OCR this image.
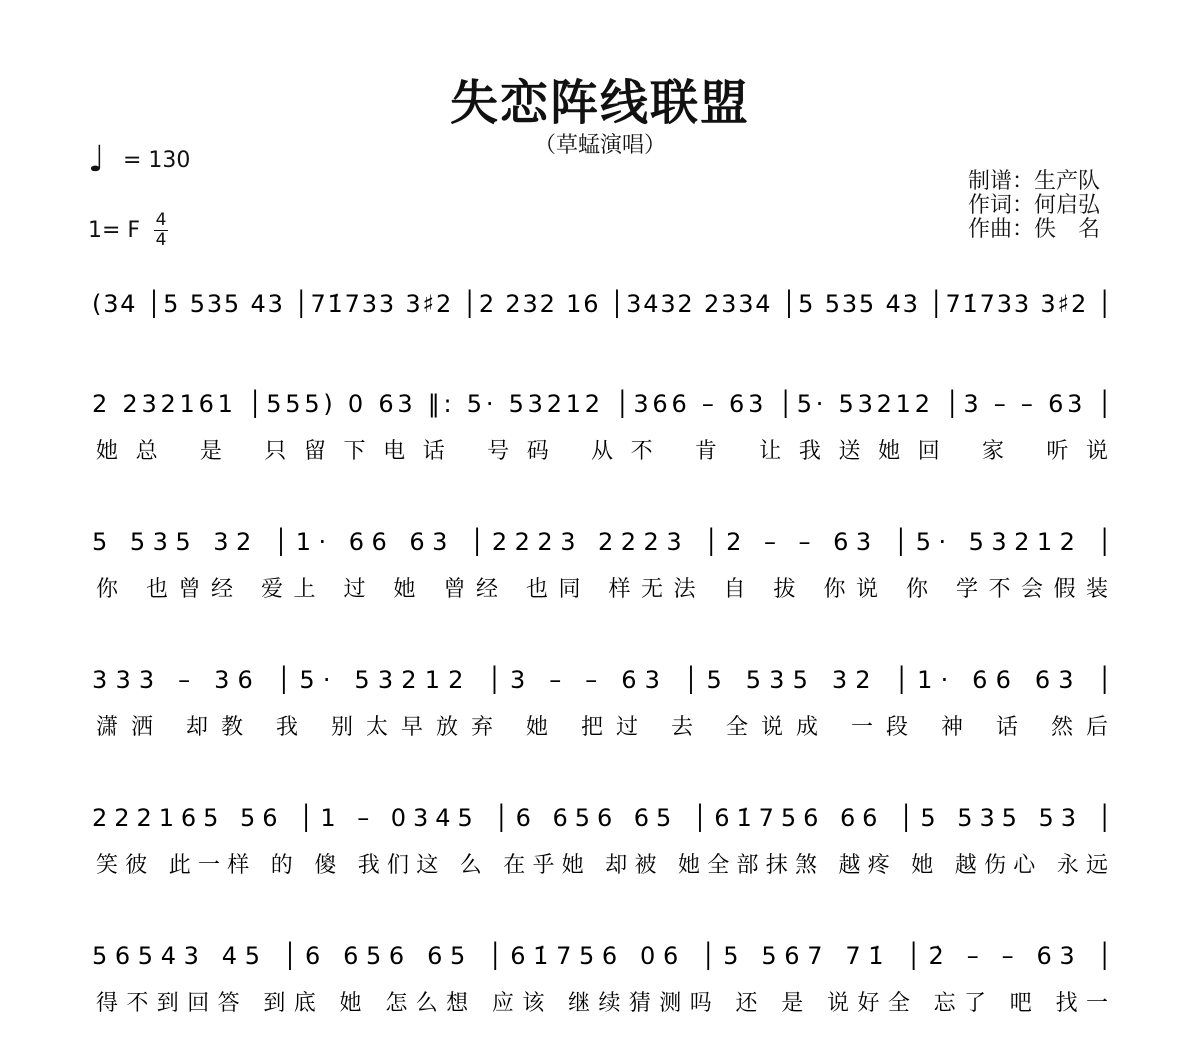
失恋阵线联盟
（草蜢演唱）
♩ = 130
1= F 4
4
制谱：生产队
作词：何启弘
作曲：佚　名
(34 │5 535 43 │71̇733 3♯2 │2 232 16 │3432 2334 │5 535 43 │71̇733 3♯2 │
2 232161 │555) 0 63 ‖: 5· 53212 │366 – 63 │5· 53212 │3 – – 63 │
她总 是 只留下电话 号码 从不 肯 让我送她回 家 听说
5 535 32 │1· 66 63 │2223 2223 │2 – – 63 │5· 53212 │
你 也曾经 爱上 过 她 曾经 也同 样无法 自 拔 你说 你 学不会假装
333 – 36 │5· 53212 │3 – – 63 │5 535 32 │1· 66 63 │
潇洒 却教 我 别太早放弃 她 把过 去 全说成 一段 神 话 然后
222165 56 │1 – 0345 │6 656 65 │61̇756 66 │5 535 53 │
笑彼 此一样 的 傻 我们这 么 在乎她 却被 她全部抹煞 越疼 她 越伤心 永远
56543 45 │6 656 65 │61̇756 06 │5 567 71̇ │2̇ – – 63 │
得不到回答 到底 她 怎么想 应该 继续猜测吗 还 是 说好全 忘了 吧 找一
